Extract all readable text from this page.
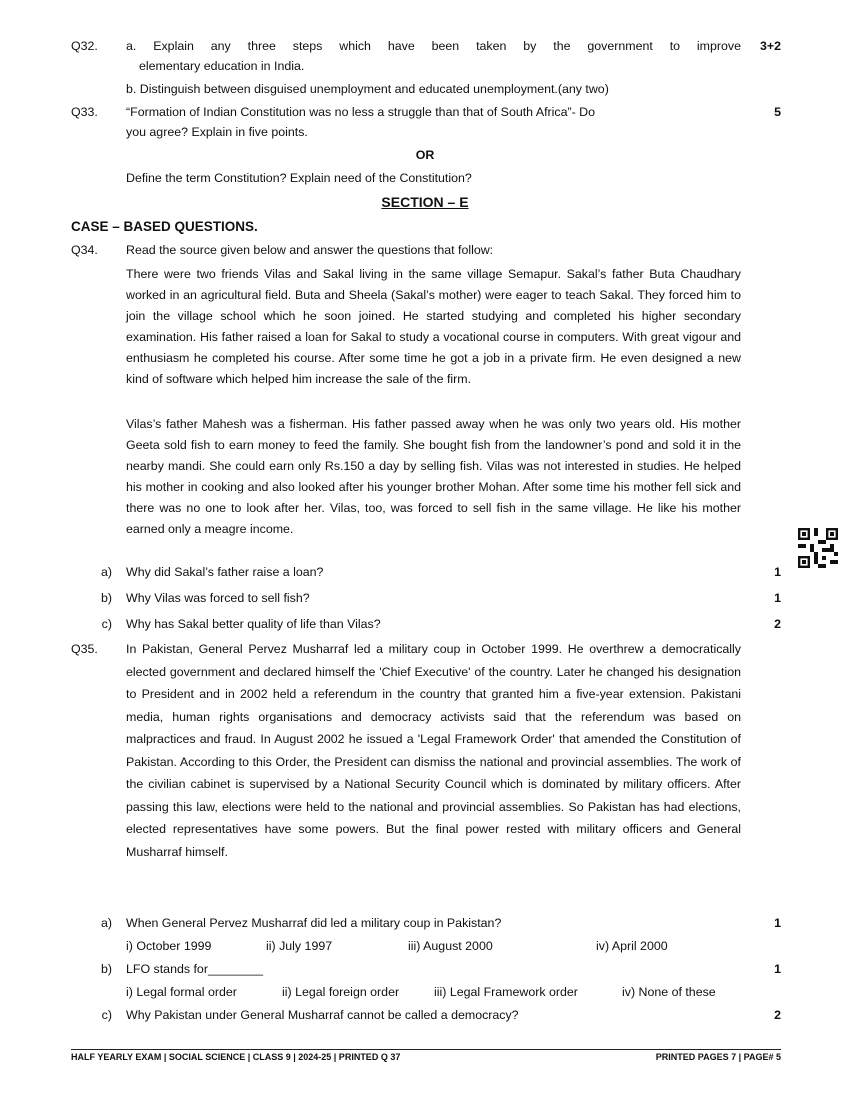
Q32. a. Explain any three steps which have been taken by the government to improve
elementary education in India.
3+2
b. Distinguish between disguised unemployment and educated unemployment.(any two)
Q33. “Formation of Indian Constitution was no less a struggle than that of South Africa”- Do
you agree? Explain in five points.
5
OR
Define the term Constitution? Explain need of the Constitution?
SECTION – E
CASE – BASED QUESTIONS.
Q34. Read the source given below and answer the questions that follow:
There were two friends Vilas and Sakal living in the same village Semapur. Sakal’s father Buta Chaudhary worked in an agricultural field. Buta and Sheela (Sakal’s mother) were eager to teach Sakal. They forced him to join the village school which he soon joined. He started studying and completed his higher secondary examination. His father raised a loan for Sakal to study a vocational course in computers. With great vigour and enthusiasm he completed his course. After some time he got a job in a private firm. He even designed a new kind of software which helped him increase the sale of the firm.
Vilas’s father Mahesh was a fisherman. His father passed away when he was only two years old. His mother Geeta sold fish to earn money to feed the family. She bought fish from the landowner’s pond and sold it in the nearby mandi. She could earn only Rs.150 a day by selling fish. Vilas was not interested in studies. He helped his mother in cooking and also looked after his younger brother Mohan. After some time his mother fell sick and there was no one to look after her. Vilas, too, was forced to sell fish in the same village. He like his mother earned only a meagre income.
a) Why did Sakal’s father raise a loan?	1
b) Why Vilas was forced to sell fish?	1
c) Why has Sakal better quality of life than Vilas?	2
Q35. In Pakistan, General Pervez Musharraf led a military coup in October 1999. He overthrew a democratically elected government and declared himself the 'Chief Executive' of the country. Later he changed his designation to President and in 2002 held a referendum in the country that granted him a five-year extension. Pakistani media, human rights organisations and democracy activists said that the referendum was based on malpractices and fraud. In August 2002 he issued a 'Legal Framework Order' that amended the Constitution of Pakistan. According to this Order, the President can dismiss the national and provincial assemblies. The work of the civilian cabinet is supervised by a National Security Council which is dominated by military officers. After passing this law, elections were held to the national and provincial assemblies. So Pakistan has had elections, elected representatives have some powers. But the final power rested with military officers and General Musharraf himself.
a) When General Pervez Musharraf did led a military coup in Pakistan?	1
i) October 1999	ii) July 1997	iii) August 2000	iv) April 2000
b) LFO stands for________	1
i) Legal formal order	ii) Legal foreign order	iii) Legal Framework order	iv) None of these
c) Why Pakistan under General Musharraf cannot be called a democracy?	2
HALF YEARLY EXAM | SOCIAL SCIENCE | CLASS 9 | 2024-25 | PRINTED Q 37	PRINTED PAGES 7 | PAGE# 5
